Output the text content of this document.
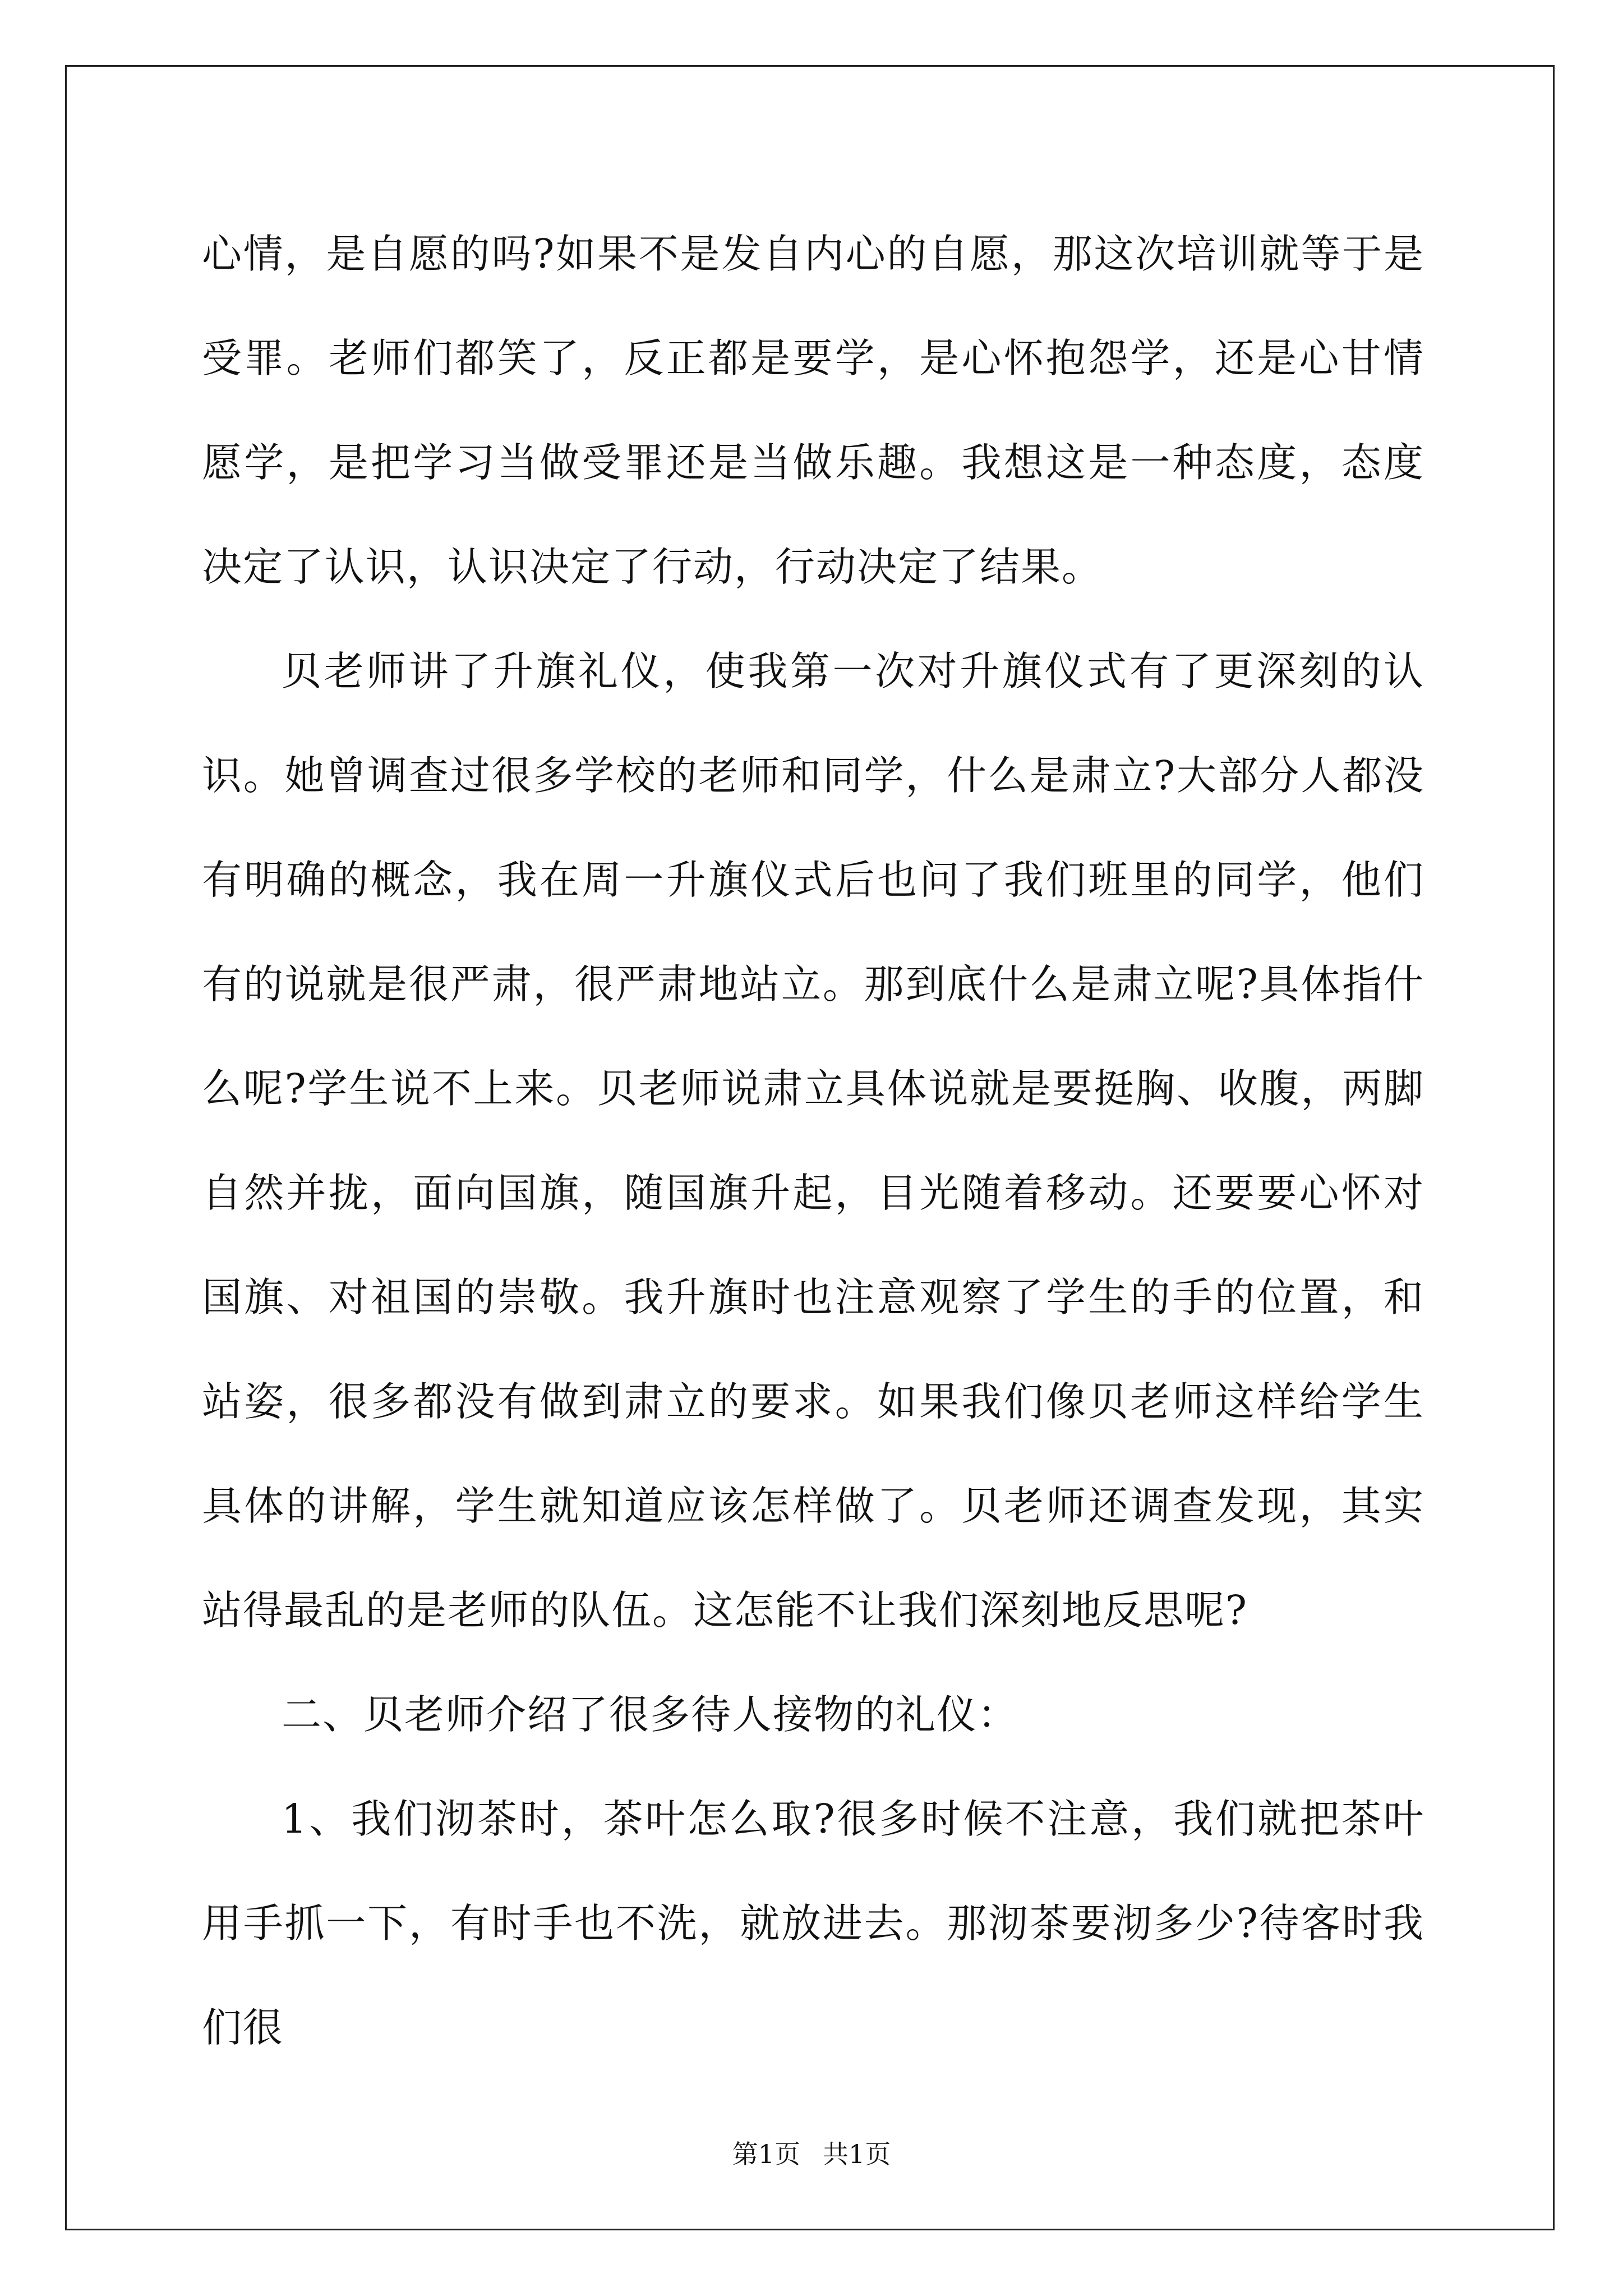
心情，是自愿的吗?如果不是发自内心的自愿，那这次培训就等于是受罪。老师们都笑了，反正都是要学，是心怀抱怨学，还是心甘情愿学，是把学习当做受罪还是当做乐趣。我想这是一种态度，态度决定了认识，认识决定了行动，行动决定了结果。

贝老师讲了升旗礼仪，使我第一次对升旗仪式有了更深刻的认识。她曾调查过很多学校的老师和同学，什么是肃立?大部分人都没有明确的概念，我在周一升旗仪式后也问了我们班里的同学，他们有的说就是很严肃，很严肃地站立。那到底什么是肃立呢?具体指什么呢?学生说不上来。贝老师说肃立具体说就是要挺胸、收腹，两脚自然并拢，面向国旗，随国旗升起，目光随着移动。还要要心怀对国旗、对祖国的崇敬。我升旗时也注意观察了学生的手的位置，和站姿，很多都没有做到肃立的要求。如果我们像贝老师这样给学生具体的讲解，学生就知道应该怎样做了。贝老师还调查发现，其实站得最乱的是老师的队伍。这怎能不让我们深刻地反思呢?

二、贝老师介绍了很多待人接物的礼仪：

1、我们沏茶时，茶叶怎么取?很多时候不注意，我们就把茶叶用手抓一下，有时手也不洗，就放进去。那沏茶要沏多少?待客时我们很

第1页 共1页
